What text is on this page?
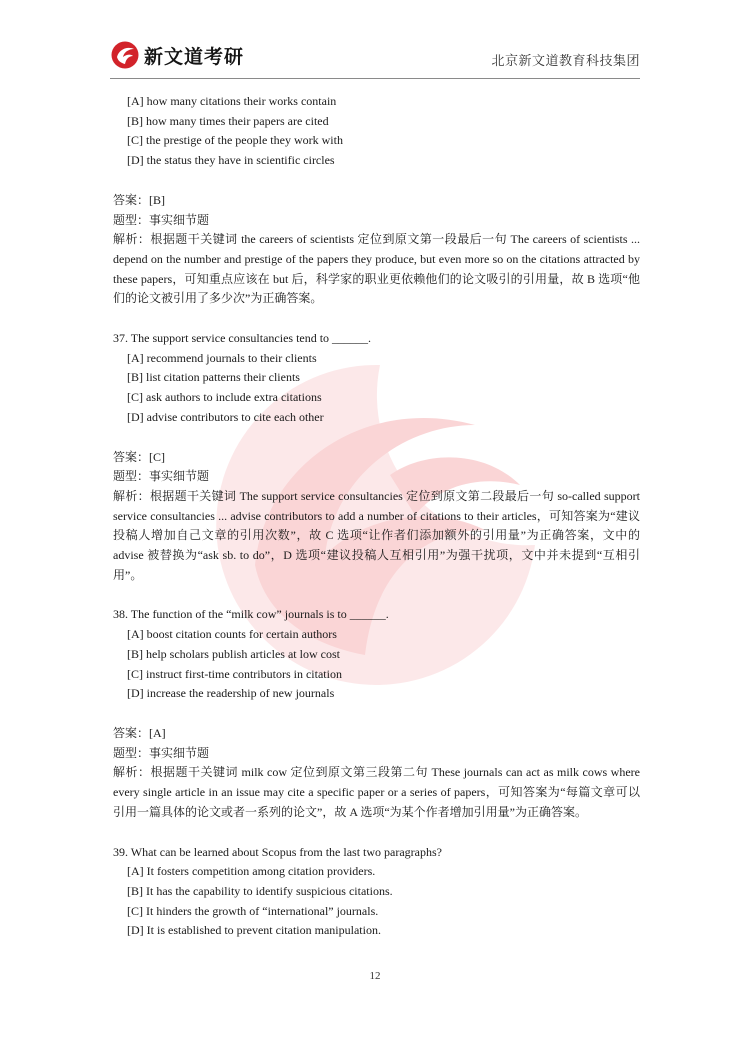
新文道考研	北京新文道教育科技集团

[A] how many citations their works contain

[B] how many times their papers are cited

[C] the prestige of the people they work with

[D] the status they have in scientific circles

答案：[B]

题型：事实细节题

解析：根据题干关键词 the careers of scientists 定位到原文第一段最后一句 The careers of scientists ... depend on the number and prestige of the papers they produce, but even more so on the citations attracted by these papers，可知重点应该在 but 后，科学家的职业更依赖他们的论文吸引的引用量，故 B 选项“他们的论文被引用了多少次”为正确答案。

37. The support service consultancies tend to ______.

[A] recommend journals to their clients

[B] list citation patterns their clients

[C] ask authors to include extra citations

[D] advise contributors to cite each other

答案：[C]

题型：事实细节题

解析：根据题干关键词 The support service consultancies 定位到原文第二段最后一句 so-called support service consultancies ... advise contributors to add a number of citations to their articles，可知答案为“建议投稿人增加自己文章的引用次数”，故 C 选项“让作者们添加额外的引用量”为正确答案，文中的 advise 被替换为“ask sb. to do”，D 选项“建议投稿人互相引用”为强干扰项，文中并未提到“互相引用”。

38. The function of the “milk cow” journals is to ______.

[A] boost citation counts for certain authors

[B] help scholars publish articles at low cost

[C] instruct first-time contributors in citation

[D] increase the readership of new journals

答案：[A]

题型：事实细节题

解析：根据题干关键词 milk cow 定位到原文第三段第二句 These journals can act as milk cows where every single article in an issue may cite a specific paper or a series of papers，可知答案为“每篇文章可以引用一篇具体的论文或者一系列的论文”，故 A 选项“为某个作者增加引用量”为正确答案。

39. What can be learned about Scopus from the last two paragraphs?

[A] It fosters competition among citation providers.

[B] It has the capability to identify suspicious citations.

[C] It hinders the growth of “international” journals.

[D] It is established to prevent citation manipulation.

12
